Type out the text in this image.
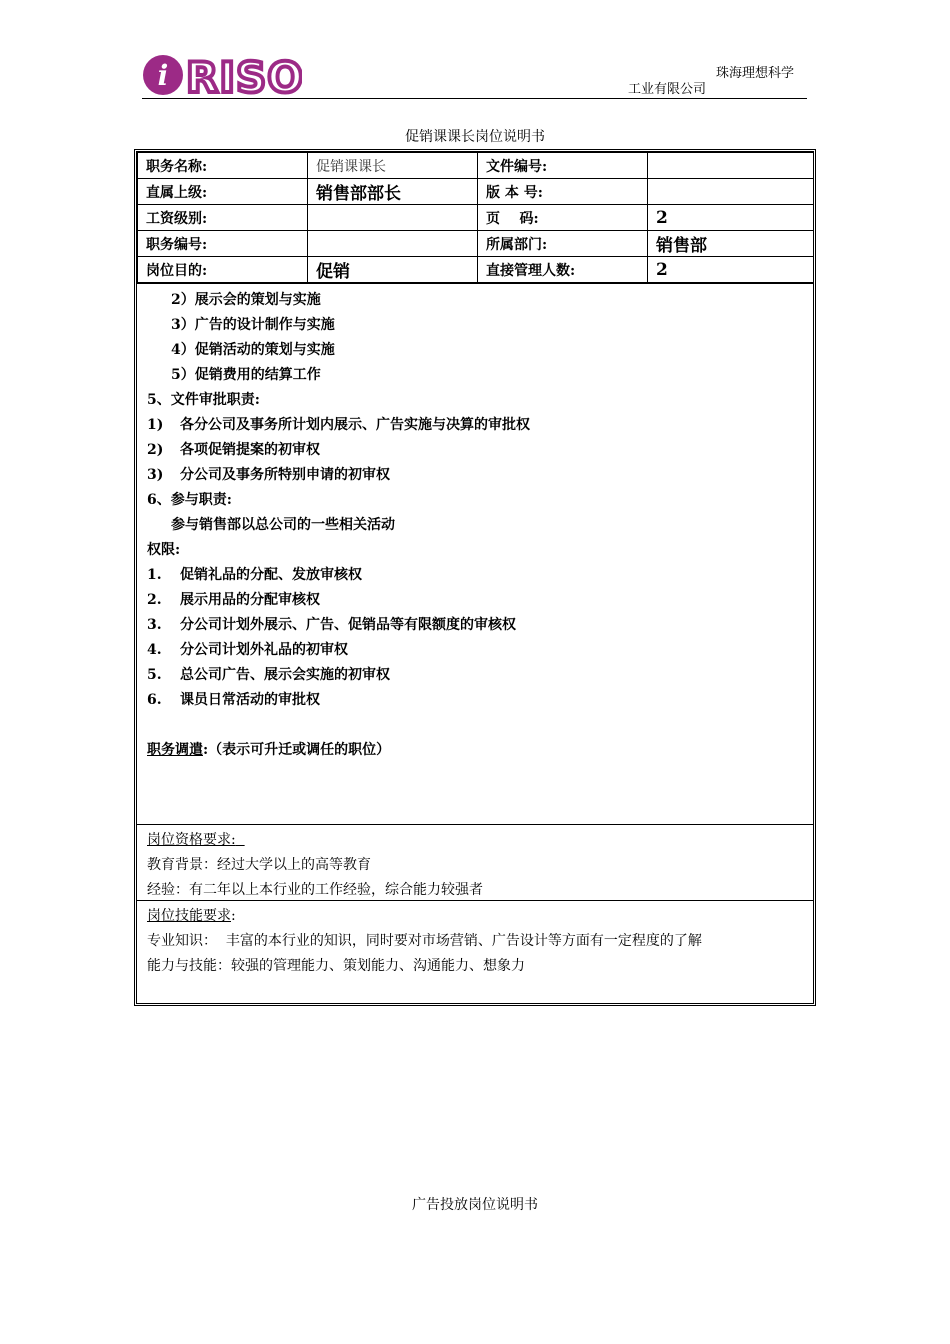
i RISO	珠海理想科学
工业有限公司
促销课课长岗位说明书
职务名称:	促销课课长	文件编号:	
直属上级:	销售部部长	版 本 号:	
工资级别:		页    码:	2
职务编号:		所属部门:	销售部
岗位目的:	促销	直接管理人数:	2
2）展示会的策划与实施
3）广告的设计制作与实施
4）促销活动的策划与实施
5）促销费用的结算工作
5、文件审批职责:
1) 各分公司及事务所计划内展示、广告实施与决算的审批权
2) 各项促销提案的初审权
3) 分公司及事务所特别申请的初审权
6、参与职责:
参与销售部以总公司的一些相关活动
权限:
1. 促销礼品的分配、发放审核权
2. 展示用品的分配审核权
3. 分公司计划外展示、广告、促销品等有限额度的审核权
4. 分公司计划外礼品的初审权
5. 总公司广告、展示会实施的初审权
6. 课员日常活动的审批权

职务调遣:（表示可升迁或调任的职位）
岗位资格要求:
教育背景：经过大学以上的高等教育
经验：有二年以上本行业的工作经验，综合能力较强者
岗位技能要求:
专业知识：  丰富的本行业的知识，同时要对市场营销、广告设计等方面有一定程度的了解
能力与技能：较强的管理能力、策划能力、沟通能力、想象力
广告投放岗位说明书
